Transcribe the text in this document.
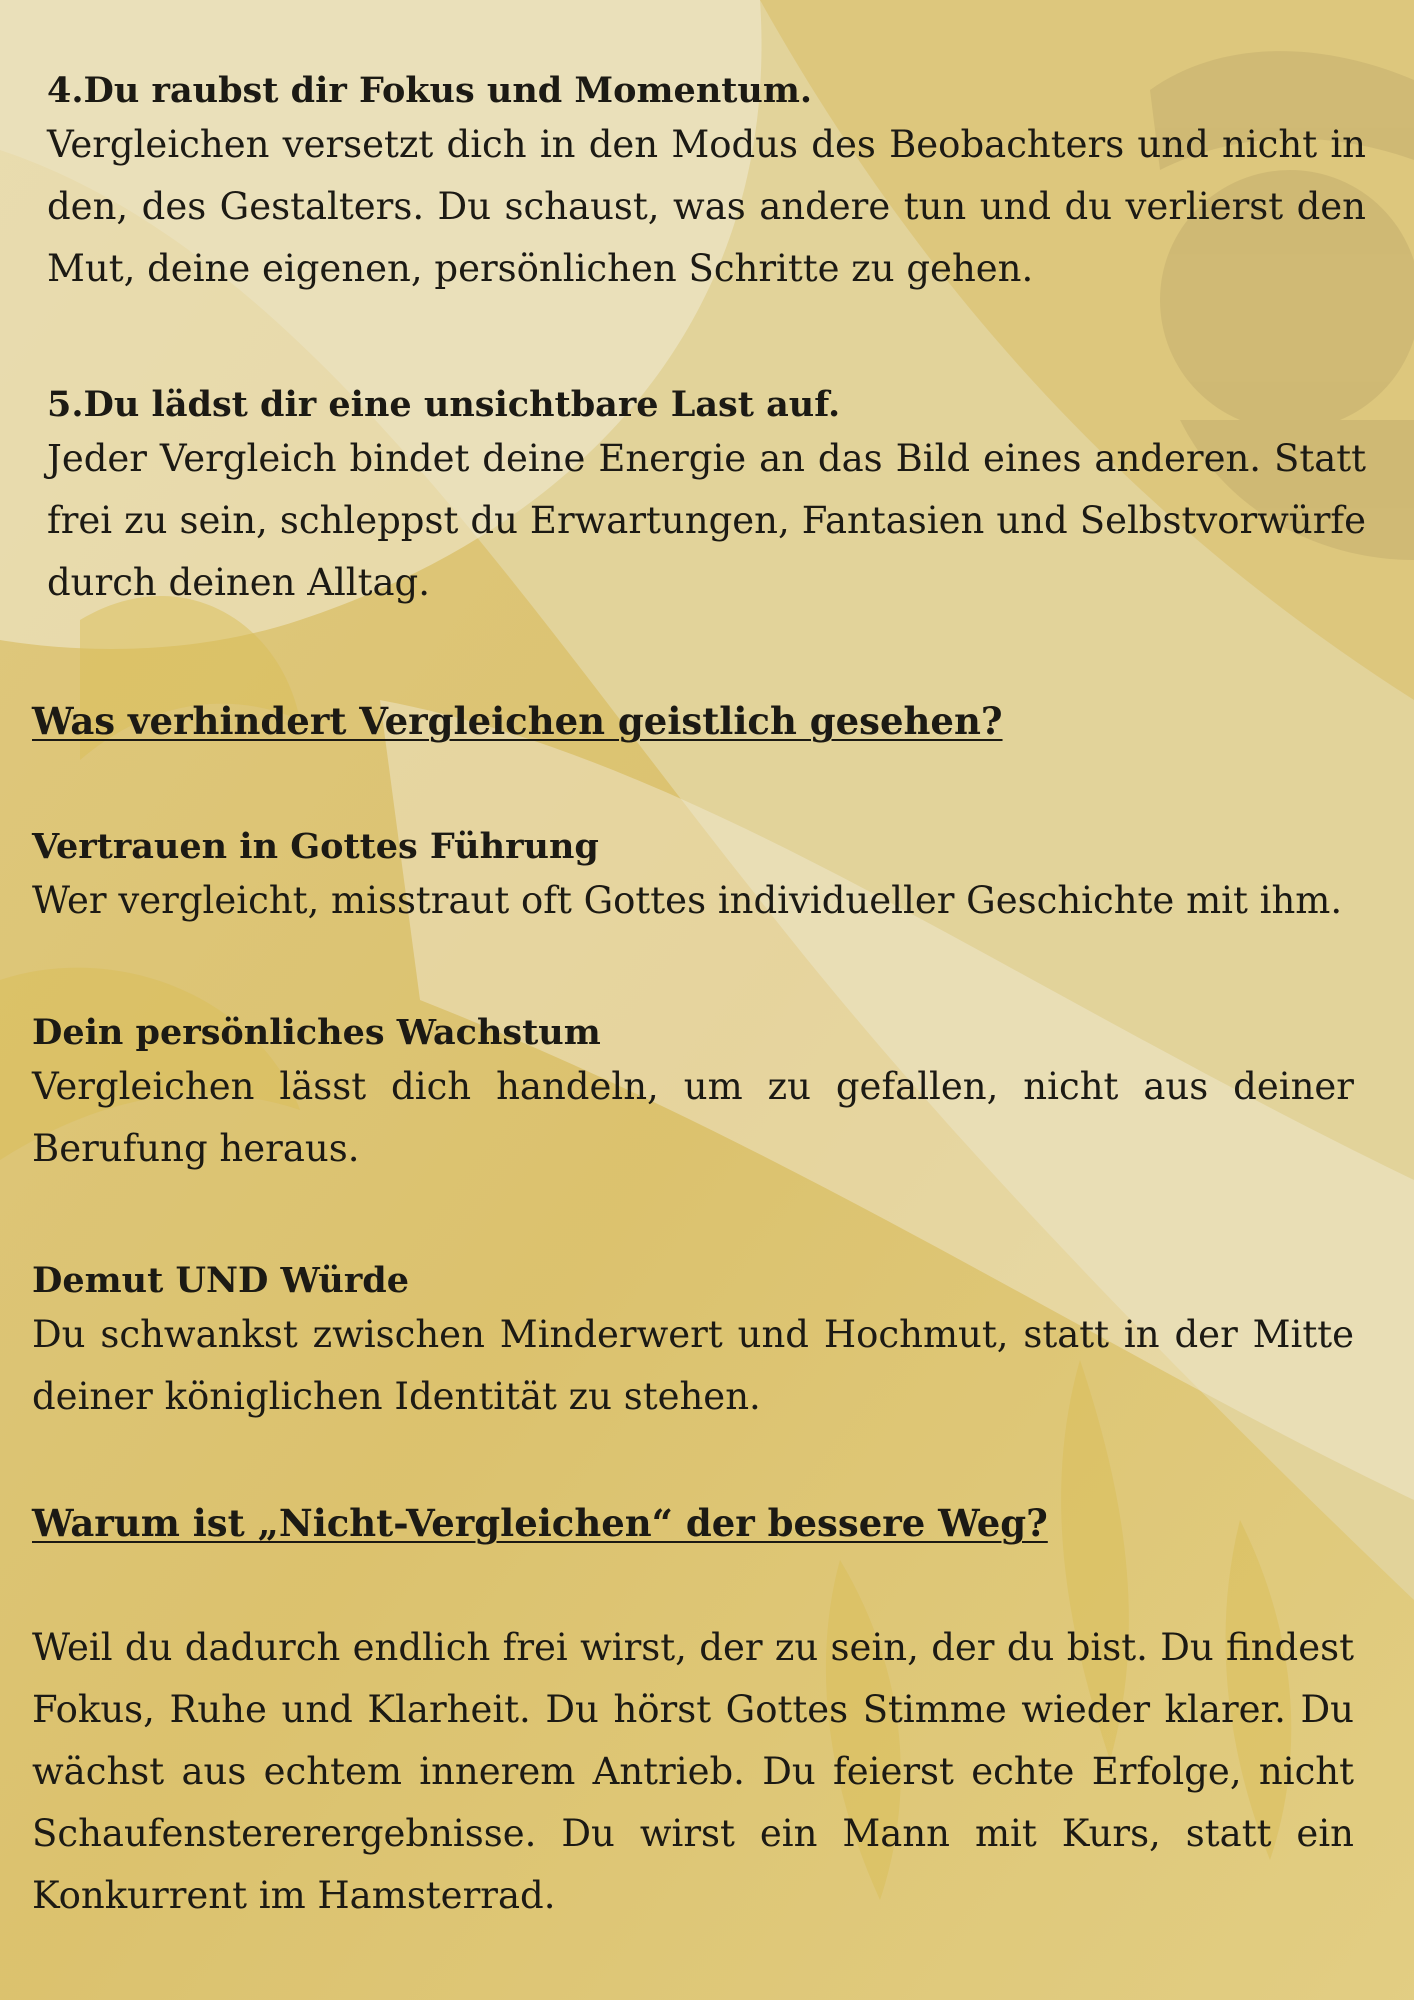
4.Du raubst dir Fokus und Momentum.

Vergleichen versetzt dich in den Modus des Beobachters und nicht in den, des Gestalters. Du schaust, was andere tun und du verlierst den Mut, deine eigenen, persönlichen Schritte zu gehen.

5.Du lädst dir eine unsichtbare Last auf.

Jeder Vergleich bindet deine Energie an das Bild eines anderen. Statt frei zu sein, schleppst du Erwartungen, Fantasien und Selbstvorwürfe durch deinen Alltag.

Was verhindert Vergleichen geistlich gesehen?
Vertrauen in Gottes Führung

Wer vergleicht, misstraut oft Gottes individueller Geschichte mit ihm.

Dein persönliches Wachstum

Vergleichen lässt dich handeln, um zu gefallen, nicht aus deiner Berufung heraus.

Demut UND Würde

Du schwankst zwischen Minderwert und Hochmut, statt in der Mitte deiner königlichen Identität zu stehen.

Warum ist „Nicht-Vergleichen“ der bessere Weg?

Weil du dadurch endlich frei wirst, der zu sein, der du bist. Du findest Fokus, Ruhe und Klarheit. Du hörst Gottes Stimme wieder klarer. Du wächst aus echtem innerem Antrieb. Du feierst echte Erfolge, nicht Schaufenstererergebnisse. Du wirst ein Mann mit Kurs, statt ein Konkurrent im Hamsterrad.
